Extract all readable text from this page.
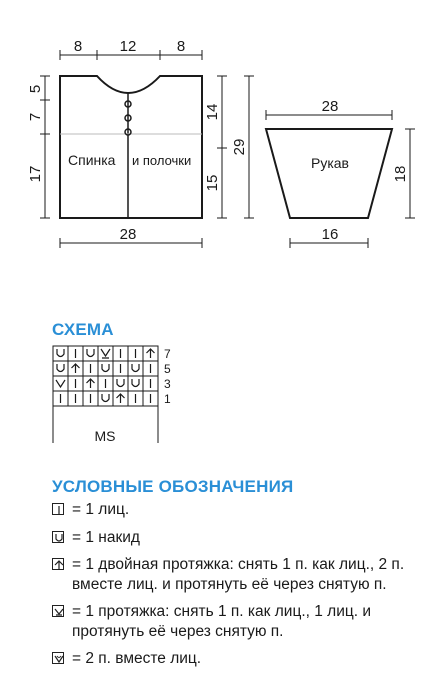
8 12	8
28
5
7
17
14
15
29
Спинка и полочки
28
16
18
Рукав
СХЕМА
MS
7
5
3
1
УСЛОВНЫЕ ОБОЗНАЧЕНИЯ
= 1 лиц.
= 1 накид
= 1 двойная протяжка: снять 1 п. как лиц., 2 п. вместе лиц. и протянуть её через снятую п.
= 1 протяжка: снять 1 п. как лиц., 1 лиц. и протянуть её через снятую п.
= 2 п. вместе лиц.
